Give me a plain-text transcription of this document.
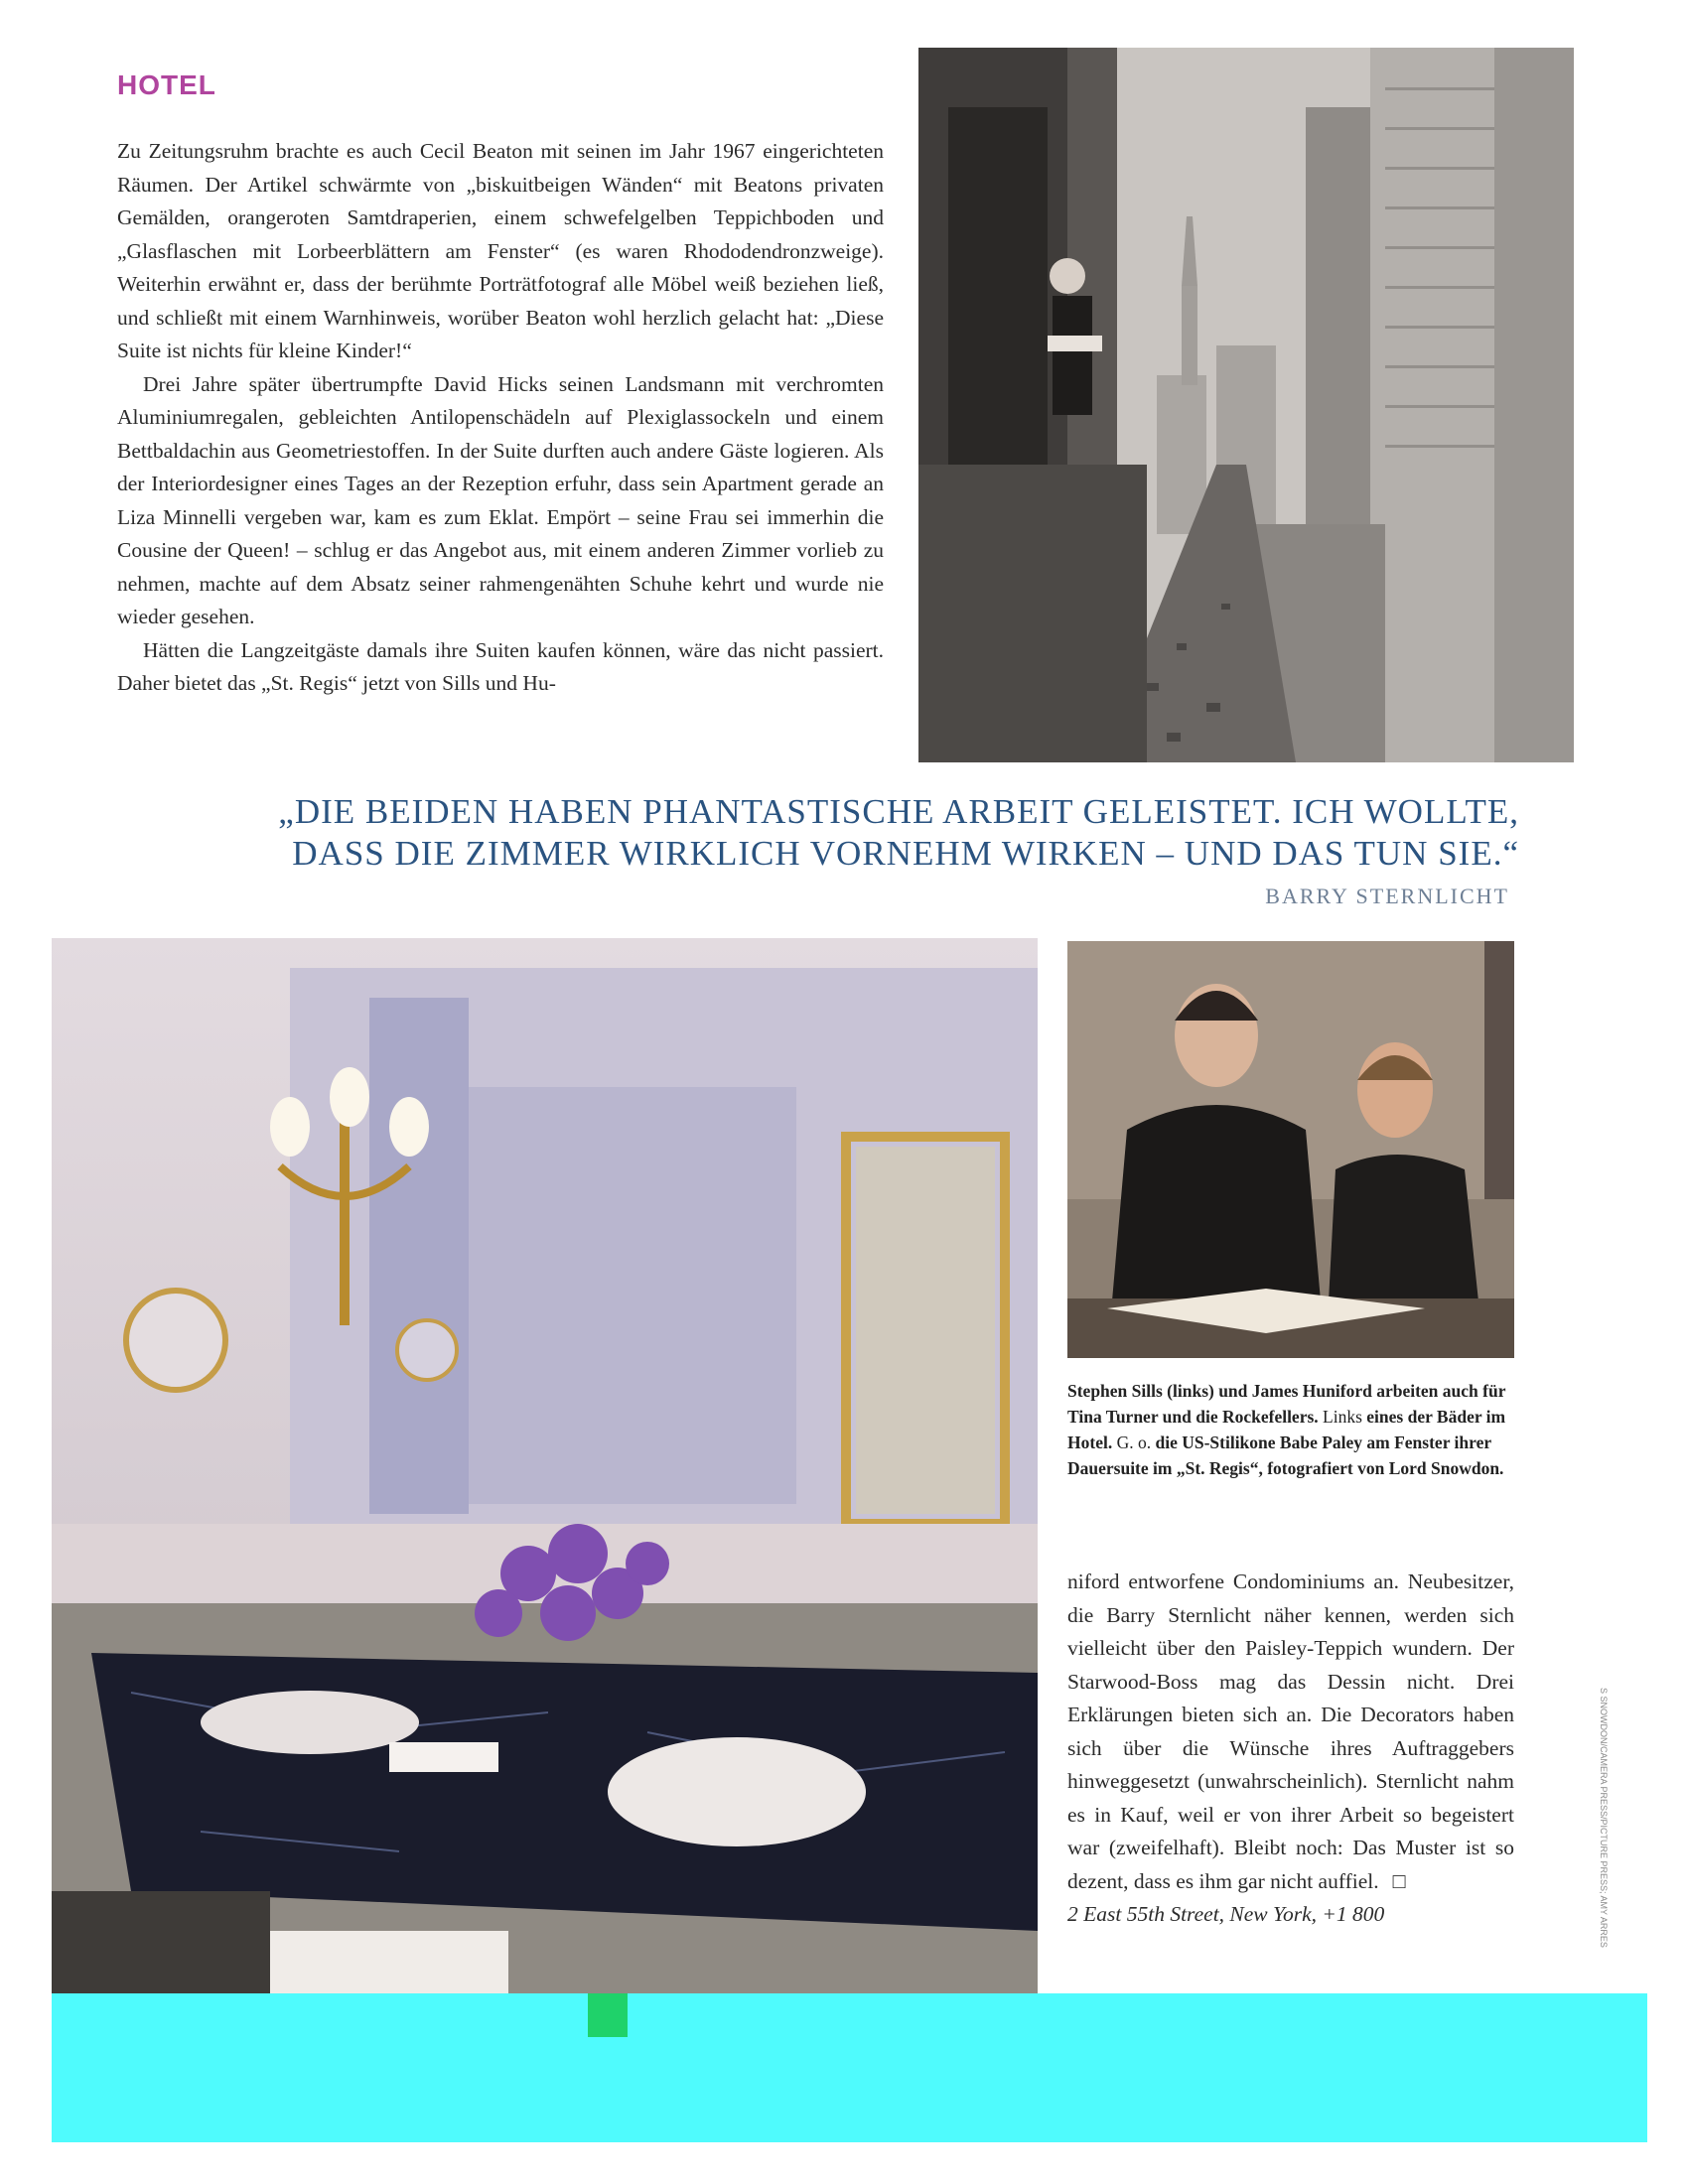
HOTEL

Zu Zeitungsruhm brachte es auch Cecil Beaton mit seinen im Jahr 1967 eingerichteten Räumen. Der Artikel schwärmte von „biskuitbeigen Wänden“ mit Beatons privaten Gemälden, orangeroten Samtdraperien, einem schwefelgelben Teppichboden und „Glasflaschen mit Lorbeerblättern am Fenster“ (es waren Rhododendronzweige). Weiterhin erwähnt er, dass der berühmte Porträtfotograf alle Möbel weiß beziehen ließ, und schließt mit einem Warnhinweis, worüber Beaton wohl herzlich gelacht hat: „Diese Suite ist nichts für kleine Kinder!“

Drei Jahre später übertrumpfte David Hicks seinen Landsmann mit verchromten Aluminiumregalen, gebleichten Antilopenschädeln auf Plexiglassockeln und einem Bettbaldachin aus Geometriestoffen. In der Suite durften auch andere Gäste logieren. Als der Interiordesigner eines Tages an der Rezeption erfuhr, dass sein Apartment gerade an Liza Minnelli vergeben war, kam es zum Eklat. Empört – seine Frau sei immerhin die Cousine der Queen! – schlug er das Angebot aus, mit einem anderen Zimmer vorlieb zu nehmen, machte auf dem Absatz seiner rahmengenähten Schuhe kehrt und wurde nie wieder gesehen.

Hätten die Langzeitgäste damals ihre Suiten kaufen können, wäre das nicht passiert. Daher bietet das „St. Regis“ jetzt von Sills und Hu-

„DIE BEIDEN HABEN PHANTASTISCHE ARBEIT GELEISTET. ICH WOLLTE,
DASS DIE ZIMMER WIRKLICH VORNEHM WIRKEN – UND DAS TUN SIE.“
BARRY STERNLICHT
Stephen Sills (links) und James Huniford arbeiten auch für Tina Turner und die Rockefellers. Links eines der Bäder im Hotel. G. o. die US-Stilikone Babe Paley am Fenster ihrer Dauersuite im „St. Regis“, fotografiert von Lord Snowdon.

niford entworfene Condominiums an. Neubesitzer, die Barry Sternlicht näher kennen, werden sich vielleicht über den Paisley-Teppich wundern. Der Starwood-Boss mag das Dessin nicht. Drei Erklärungen bieten sich an. Die Decorators haben sich über die Wünsche ihres Auftraggebers hinweggesetzt (unwahrscheinlich). Sternlicht nahm es in Kauf, weil er von ihrer Arbeit so begeistert war (zweifelhaft). Bleibt noch: Das Muster ist so dezent, dass es ihm gar nicht auffiel. □

2 East 55th Street, New York, +1 800	S SNOWDON/CAMERA PRESS/PICTURE PRESS; AMY ARRES
